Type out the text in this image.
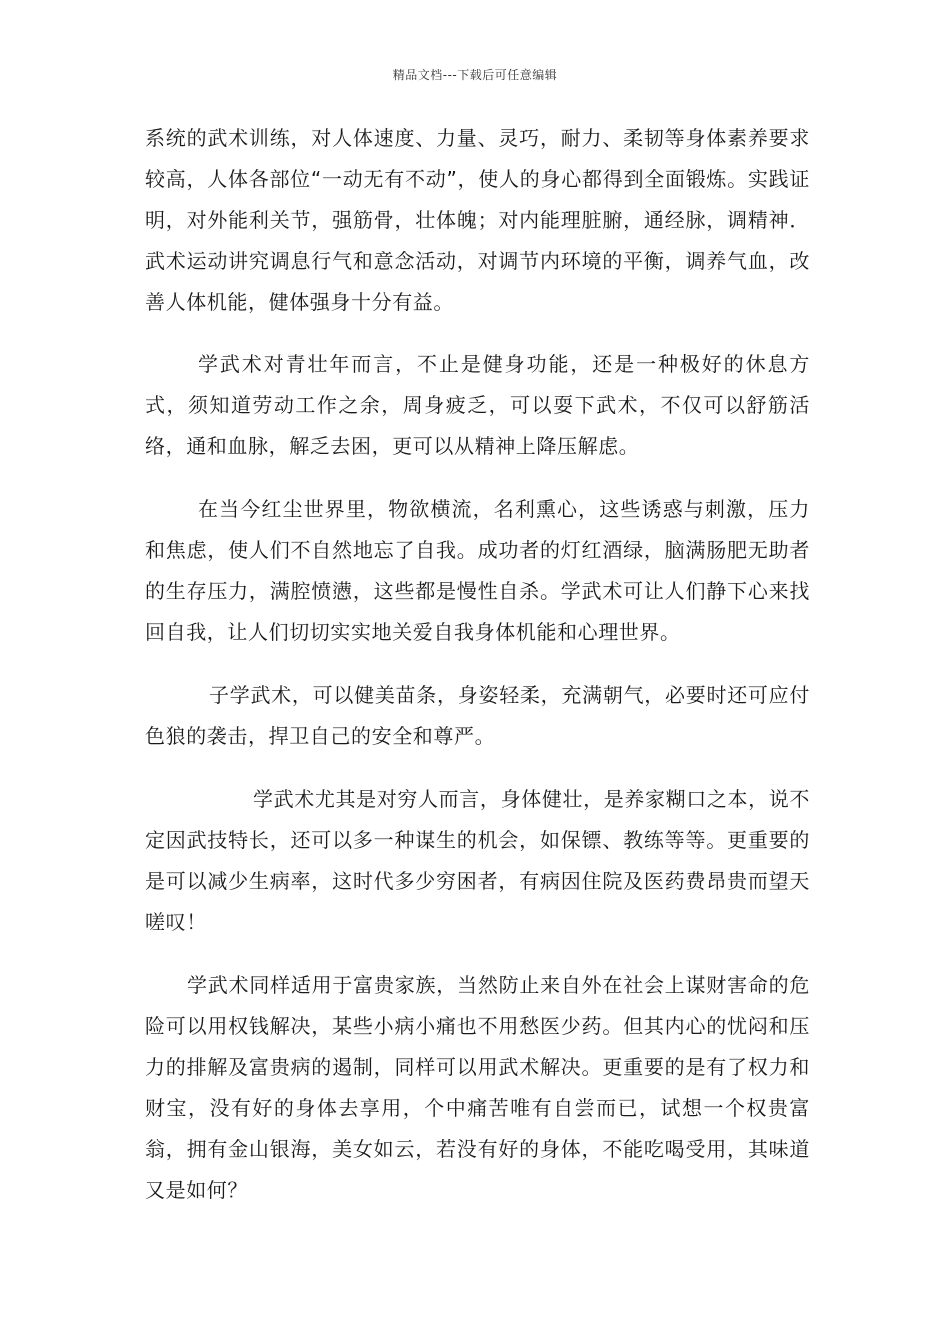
精品文档---下载后可任意编辑

系统的武术训练，对人体速度、力量、灵巧，耐力、柔韧等身体素养要求较高，人体各部位“一动无有不动”，使人的身心都得到全面锻炼。实践证明，对外能利关节，强筋骨，壮体魄；对内能理脏腑，通经脉，调精神．武术运动讲究调息行气和意念活动，对调节内环境的平衡，调养气血，改善人体机能，健体强身十分有益。

学武术对青壮年而言，不止是健身功能，还是一种极好的休息方式，须知道劳动工作之余，周身疲乏，可以耍下武术，不仅可以舒筋活络，通和血脉，解乏去困，更可以从精神上降压解虑。

在当今红尘世界里，物欲横流，名利熏心，这些诱惑与刺激，压力和焦虑，使人们不自然地忘了自我。成功者的灯红酒绿，脑满肠肥无助者的生存压力，满腔愤懑，这些都是慢性自杀。学武术可让人们静下心来找回自我，让人们切切实实地关爱自我身体机能和心理世界。

子学武术，可以健美苗条，身姿轻柔，充满朝气，必要时还可应付色狼的袭击，捍卫自己的安全和尊严。

学武术尤其是对穷人而言，身体健壮，是养家糊口之本，说不定因武技特长，还可以多一种谋生的机会，如保镖、教练等等。更重要的是可以减少生病率，这时代多少穷困者，有病因住院及医药费昂贵而望天嗟叹！

学武术同样适用于富贵家族，当然防止来自外在社会上谋财害命的危险可以用权钱解决，某些小病小痛也不用愁医少药。但其内心的忧闷和压力的排解及富贵病的遏制，同样可以用武术解决。更重要的是有了权力和财宝，没有好的身体去享用，个中痛苦唯有自尝而已，试想一个权贵富翁，拥有金山银海，美女如云，若没有好的身体，不能吃喝受用，其味道又是如何？
